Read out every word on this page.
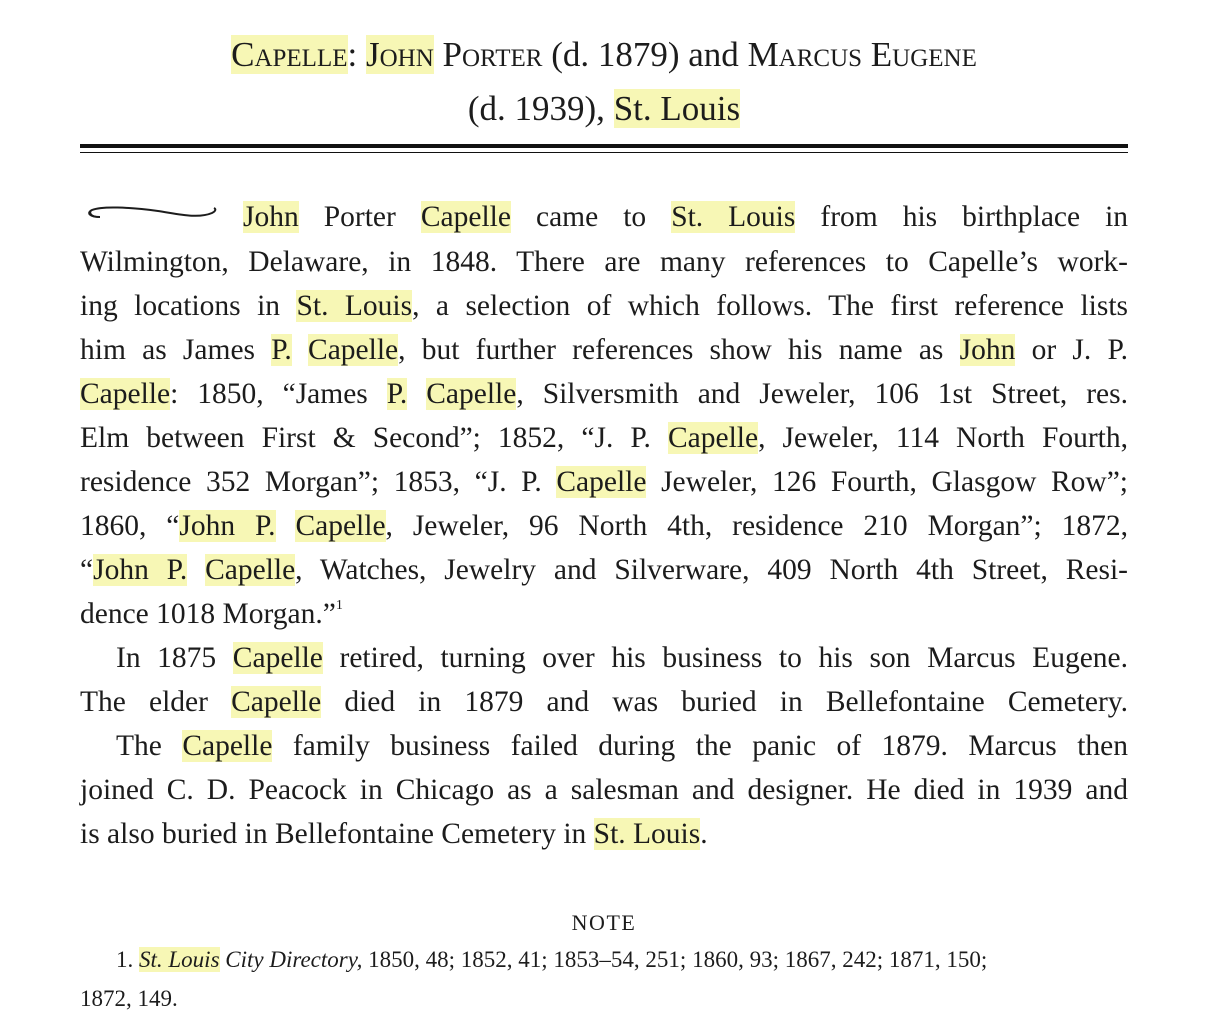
Capelle: John Porter (d. 1879) and Marcus Eugene
(d. 1939), St. Louis
John Porter Capelle came to St. Louis from his birthplace in
Wilmington, Delaware, in 1848. There are many references to Capelle’s work-
ing locations in St. Louis, a selection of which follows. The first reference lists
him as James P. Capelle, but further references show his name as John or J. P.
Capelle: 1850, “James P. Capelle, Silversmith and Jeweler, 106 1st Street, res.
Elm between First & Second”; 1852, “J. P. Capelle, Jeweler, 114 North Fourth,
residence 352 Morgan”; 1853, “J. P. Capelle Jeweler, 126 Fourth, Glasgow Row”;
1860, “John P. Capelle, Jeweler, 96 North 4th, residence 210 Morgan”; 1872,
“John P. Capelle, Watches, Jewelry and Silverware, 409 North 4th Street, Resi-
dence 1018 Morgan.”$^1$
In 1875 Capelle retired, turning over his business to his son Marcus Eugene.
The elder Capelle died in 1879 and was buried in Bellefontaine Cemetery.
The Capelle family business failed during the panic of 1879. Marcus then
joined C. D. Peacock in Chicago as a salesman and designer. He died in 1939 and
is also buried in Bellefontaine Cemetery in St. Louis.
NOTE
1. St. Louis City Directory, 1850, 48; 1852, 41; 1853–54, 251; 1860, 93; 1867, 242; 1871, 150;
1872, 149.
